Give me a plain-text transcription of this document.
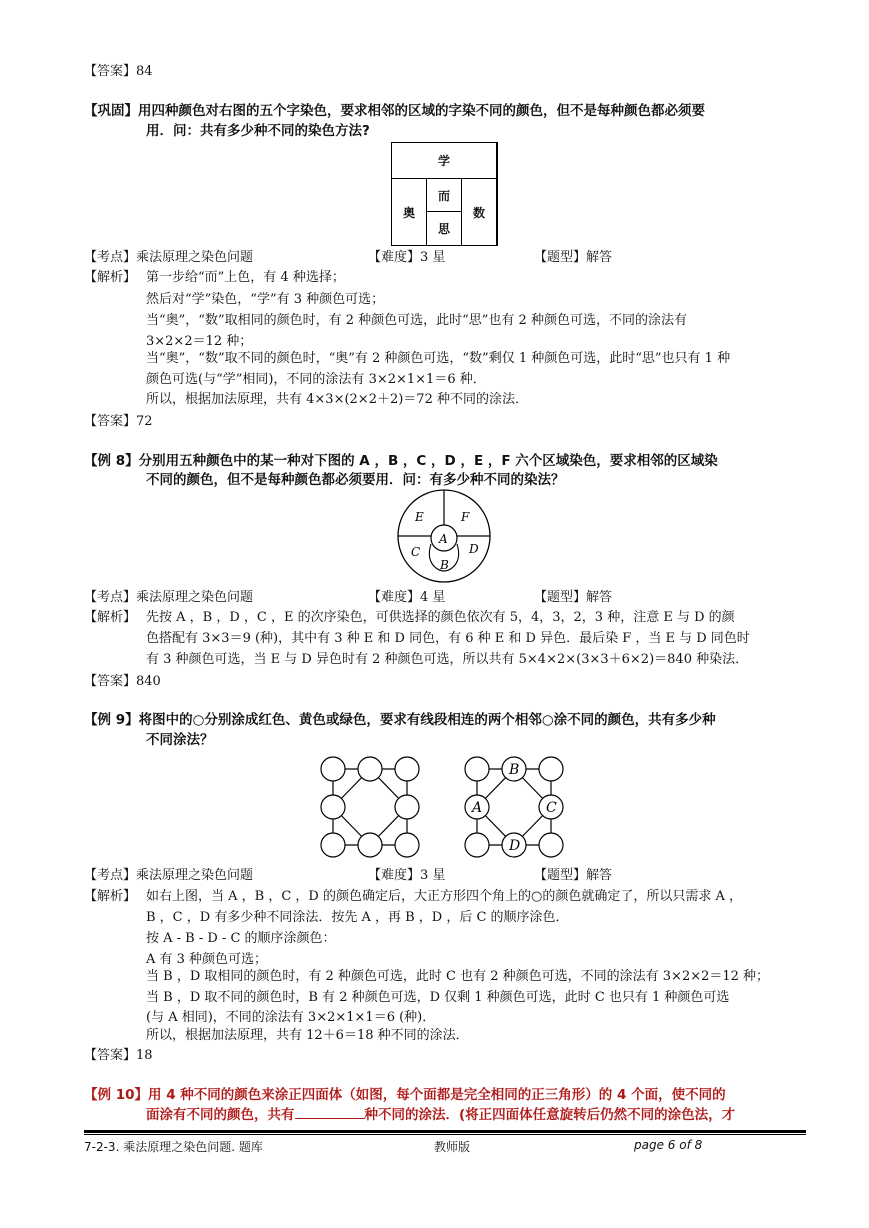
【答案】84
【巩固】用四种颜色对右图的五个字染色，要求相邻的区域的字染不同的颜色，但不是每种颜色都必须要
用．问：共有多少种不同的染色方法?
学
奥
而
思
数
【考点】乘法原理之染色问题	【难度】3 星	【题型】解答
【解析】 第一步给“而”上色，有 4 种选择；
然后对“学”染色，“学”有 3 种颜色可选；
当“奥”，“数”取相同的颜色时，有 2 种颜色可选，此时“思”也有 2 种颜色可选，不同的涂法有
3×2×2＝12 种；
当“奥”，“数”取不同的颜色时，“奥”有 2 种颜色可选，“数”剩仅 1 种颜色可选，此时“思”也只有 1 种
颜色可选(与“学”相同)，不同的涂法有 3×2×1×1＝6 种．
所以，根据加法原理，共有 4×3×(2×2＋2)＝72 种不同的涂法．
【答案】72
【例 8】分别用五种颜色中的某一种对下图的 A ，B ，C ，D ，E ，F 六个区域染色，要求相邻的区域染
不同的颜色，但不是每种颜色都必须要用．问：有多少种不同的染法？
E	F
A
C	D
B
【考点】乘法原理之染色问题	【难度】4 星	【题型】解答
【解析】 先按 A ，B ，D ，C ，E 的次序染色，可供选择的颜色依次有 5，4，3，2，3 种，注意 E 与 D 的颜
色搭配有 3×3＝9 (种)，其中有 3 种 E 和 D 同色，有 6 种 E 和 D 异色．最后染 F ，当 E 与 D 同色时
有 3 种颜色可选，当 E 与 D 异色时有 2 种颜色可选，所以共有 5×4×2×(3×3＋6×2)＝840 种染法．
【答案】840
【例 9】将图中的○分别涂成红色、黄色或绿色，要求有线段相连的两个相邻○涂不同的颜色，共有多少种
不同涂法？
B
A	C
D
【考点】乘法原理之染色问题	【难度】3 星	【题型】解答
【解析】 如右上图，当 A ，B ，C ，D 的颜色确定后，大正方形四个角上的○的颜色就确定了，所以只需求 A ，
B ，C ，D 有多少种不同涂法．按先 A ，再 B ，D ，后 C 的顺序涂色．
按 A - B - D - C 的顺序涂颜色：
A 有 3 种颜色可选；
当 B ，D 取相同的颜色时，有 2 种颜色可选，此时 C 也有 2 种颜色可选，不同的涂法有 3×2×2＝12 种；
当 B ，D 取不同的颜色时，B 有 2 种颜色可选，D 仅剩 1 种颜色可选，此时 C 也只有 1 种颜色可选
(与 A 相同)，不同的涂法有 3×2×1×1＝6 (种)．
所以，根据加法原理，共有 12＋6＝18 种不同的涂法．
【答案】18
【例 10】用 4 种不同的颜色来涂正四面体（如图，每个面都是完全相同的正三角形）的 4 个面，使不同的
面涂有不同的颜色，共有	种不同的涂法．(将正四面体任意旋转后仍然不同的涂色法，才
7-2-3. 乘法原理之染色问题. 题库	教师版	page 6 of 8
